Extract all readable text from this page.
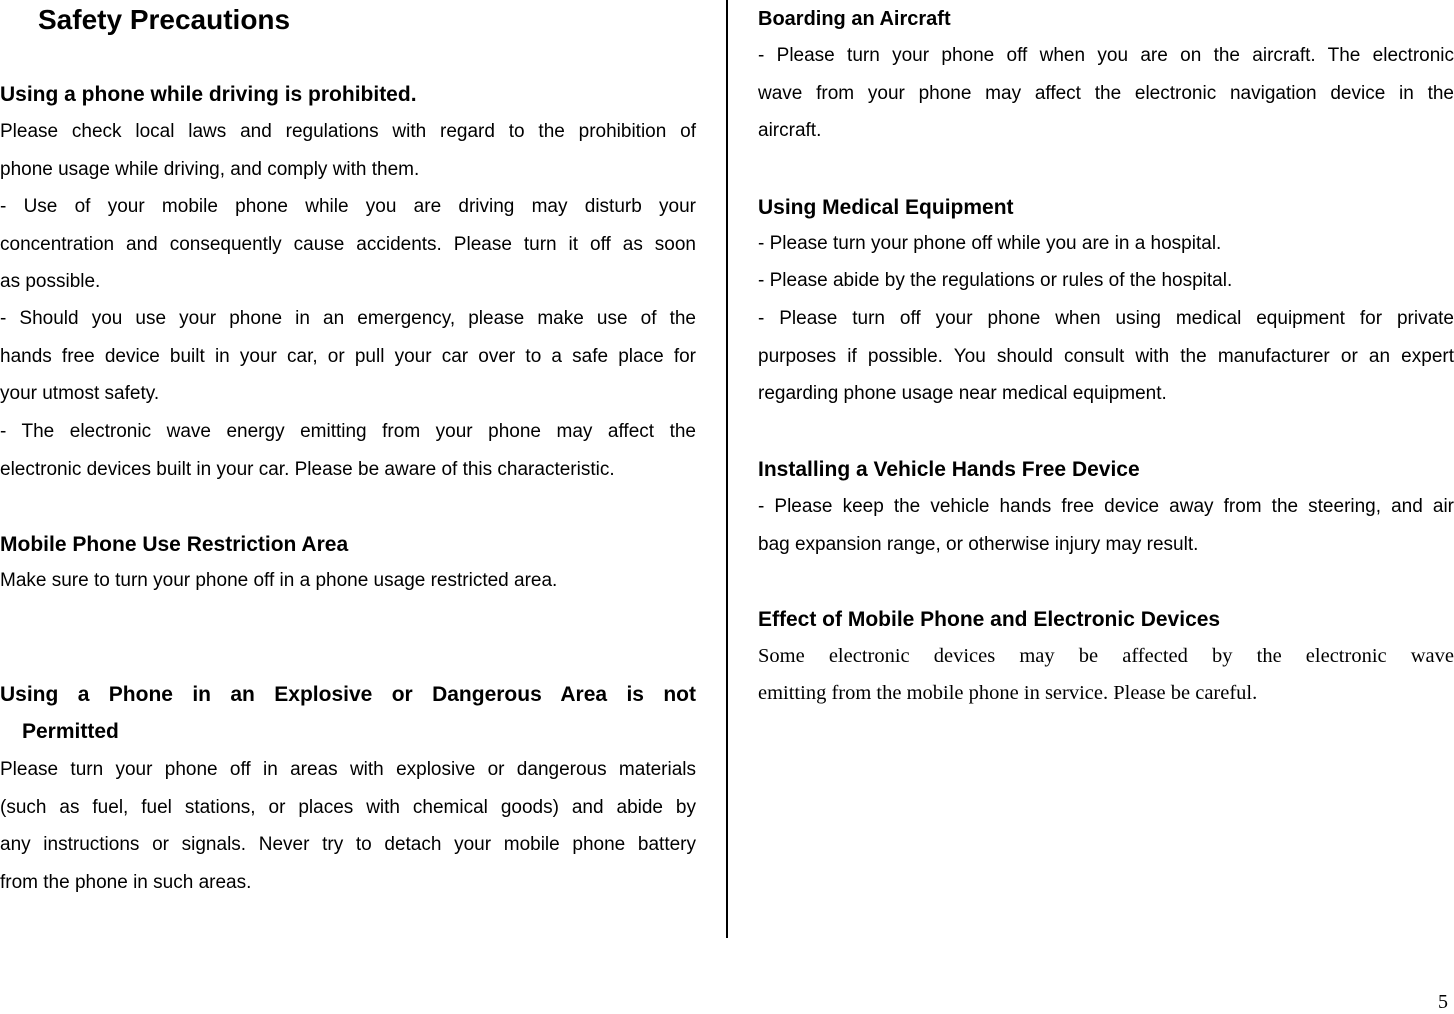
Safety Precautions
Using a phone while driving is prohibited.
Please check local laws and regulations with regard to the prohibition of
phone usage while driving, and comply with them.
- Use of your mobile phone while you are driving may disturb your
concentration and consequently cause accidents. Please turn it off as soon
as possible.
- Should you use your phone in an emergency, please make use of the
hands free device built in your car, or pull your car over to a safe place for
your utmost safety.
- The electronic wave energy emitting from your phone may affect the
electronic devices built in your car. Please be aware of this characteristic.
Mobile Phone Use Restriction Area
Make sure to turn your phone off in a phone usage restricted area.
Using a Phone in an Explosive or Dangerous Area is not
Permitted
Please turn your phone off in areas with explosive or dangerous materials
(such as fuel, fuel stations, or places with chemical goods) and abide by
any instructions or signals. Never try to detach your mobile phone battery
from the phone in such areas.
Boarding an Aircraft
- Please turn your phone off when you are on the aircraft. The electronic
wave from your phone may affect the electronic navigation device in the
aircraft.
Using Medical Equipment
- Please turn your phone off while you are in a hospital.
- Please abide by the regulations or rules of the hospital.
- Please turn off your phone when using medical equipment for private
purposes if possible. You should consult with the manufacturer or an expert
regarding phone usage near medical equipment.
Installing a Vehicle Hands Free Device
- Please keep the vehicle hands free device away from the steering, and air
bag expansion range, or otherwise injury may result.
Effect of Mobile Phone and Electronic Devices
Some electronic devices may be affected by the electronic wave
emitting from the mobile phone in service. Please be careful.
5
